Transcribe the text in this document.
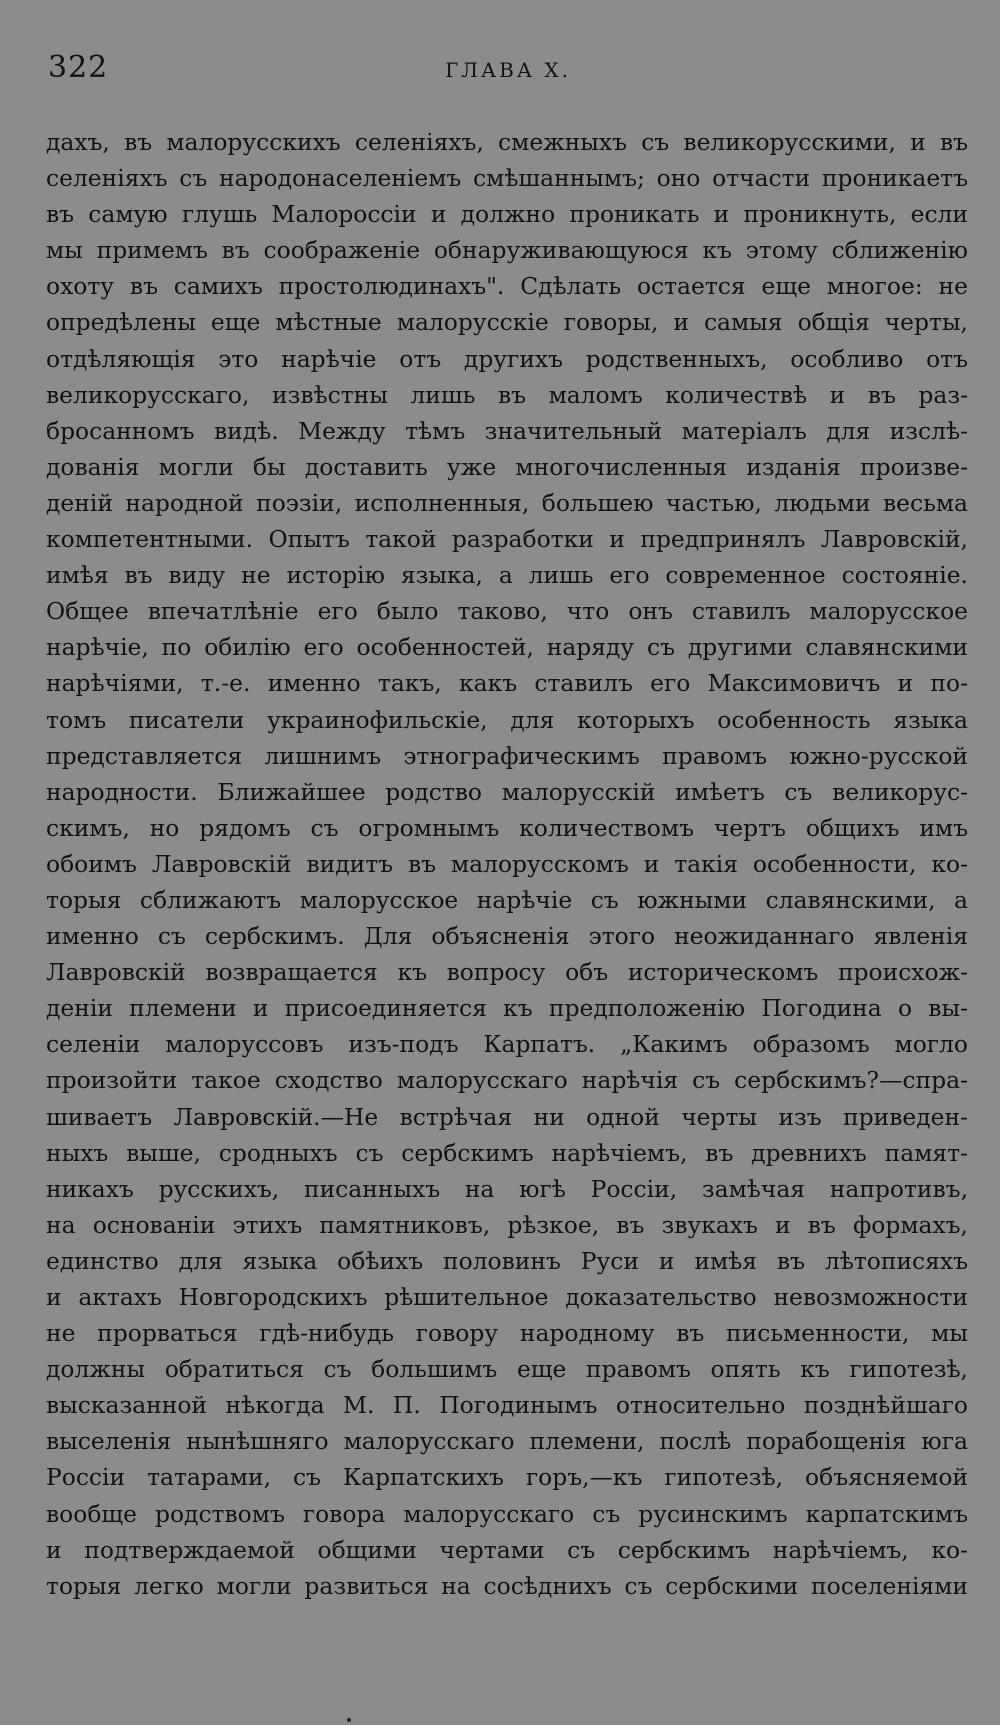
322	ГЛАВА X.
дахъ, въ малорусскихъ селеніяхъ, смежныхъ съ великорусскими, и въ
селеніяхъ съ народонаселеніемъ смѣшаннымъ; оно отчасти проникаетъ
въ самую глушь Малороссіи и должно проникать и проникнуть, если
мы примемъ въ соображеніе обнаруживающуюся къ этому сближенію
охоту въ самихъ простолюдинахъ". Сдѣлать остается еще многое: не
опредѣлены еще мѣстные малорусскіе говоры, и самыя общія черты,
отдѣляющія это нарѣчіе отъ другихъ родственныхъ, особливо отъ
великорусскаго, извѣстны лишь въ маломъ количествѣ и въ раз-
бросанномъ видѣ. Между тѣмъ значительный матеріалъ для изслѣ-
дованія могли бы доставить уже многочисленныя изданія произве-
деній народной поэзіи, исполненныя, большею частью, людьми весьма
компетентными. Опытъ такой разработки и предпринялъ Лавровскій,
имѣя въ виду не исторію языка, а лишь его современное состояніе.
Общее впечатлѣніе его было таково, что онъ ставилъ малорусское
нарѣчіе, по обилію его особенностей, наряду съ другими славянскими
нарѣчіями, т.-е. именно такъ, какъ ставилъ его Максимовичъ и по-
томъ писатели украинофильскіе, для которыхъ особенность языка
представляется лишнимъ этнографическимъ правомъ южно-русской
народности. Ближайшее родство малорусскій имѣетъ съ великорус-
скимъ, но рядомъ съ огромнымъ количествомъ чертъ общихъ имъ
обоимъ Лавровскій видитъ въ малорусскомъ и такія особенности, ко-
торыя сближаютъ малорусское нарѣчіе съ южными славянскими, а
именно съ сербскимъ. Для объясненія этого неожиданнаго явленія
Лавровскій возвращается къ вопросу объ историческомъ происхож-
деніи племени и присоединяется къ предположенію Погодина о вы-
селеніи малоруссовъ изъ-подъ Карпатъ. „Какимъ образомъ могло
произойти такое сходство малорусскаго нарѣчія съ сербскимъ?—спра-
шиваетъ Лавровскій.—Не встрѣчая ни одной черты изъ приведен-
ныхъ выше, сродныхъ съ сербскимъ нарѣчіемъ, въ древнихъ памят-
никахъ русскихъ, писанныхъ на югѣ Россіи, замѣчая напротивъ,
на основаніи этихъ памятниковъ, рѣзкое, въ звукахъ и въ формахъ,
единство для языка обѣихъ половинъ Руси и имѣя въ лѣтописяхъ
и актахъ Новгородскихъ рѣшительное доказательство невозможности
не прорваться гдѣ-нибудь говору народному въ письменности, мы
должны обратиться съ большимъ еще правомъ опять къ гипотезѣ,
высказанной нѣкогда М. П. Погодинымъ относительно позднѣйшаго
выселенія нынѣшняго малорусскаго племени, послѣ порабощенія юга
Россіи татарами, съ Карпатскихъ горъ,—къ гипотезѣ, объясняемой
вообще родствомъ говора малорусскаго съ русинскимъ карпатскимъ
и подтверждаемой общими чертами съ сербскимъ нарѣчіемъ, ко-
торыя легко могли развиться на сосѣднихъ съ сербскими поселеніями
